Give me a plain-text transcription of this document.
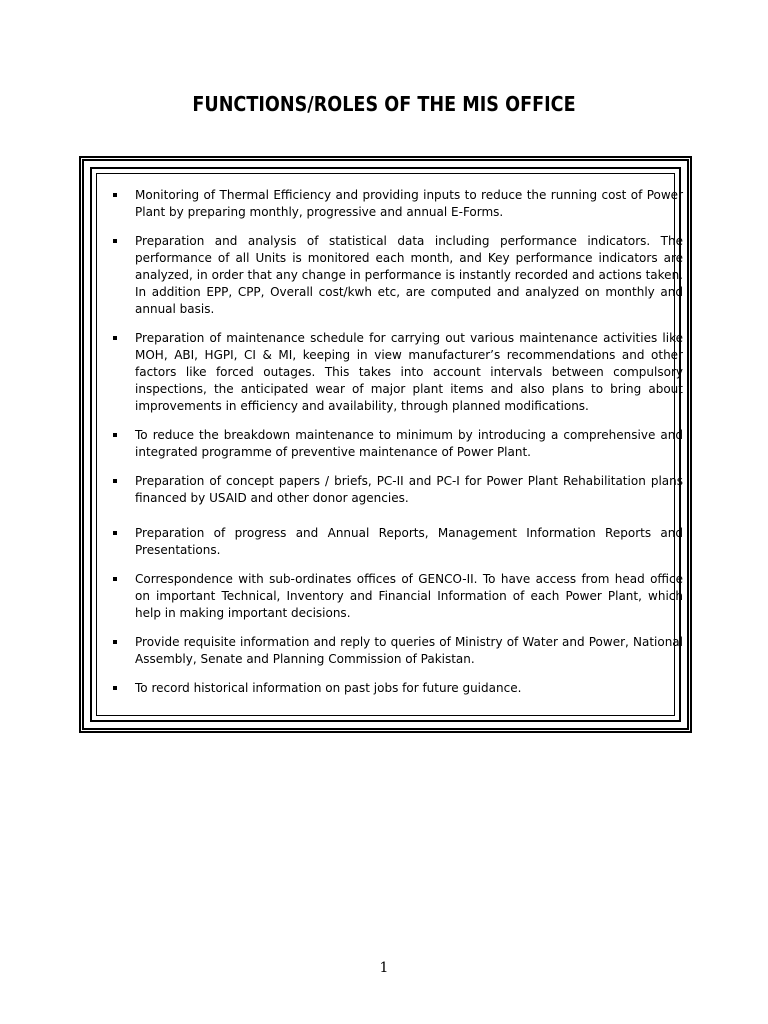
FUNCTIONS/ROLES OF THE MIS OFFICE
Monitoring of Thermal Efficiency and providing inputs to reduce the running cost of Power Plant by preparing monthly, progressive and annual E-Forms.
Preparation and analysis of statistical data including performance indicators. The performance of all Units is monitored each month, and Key performance indicators are analyzed, in order that any change in performance is instantly recorded and actions taken. In addition EPP, CPP, Overall cost/kwh etc, are computed and analyzed on monthly and annual basis.
Preparation of maintenance schedule for carrying out various maintenance activities like MOH, ABI, HGPI, CI & MI, keeping in view manufacturer’s recommendations and other factors like forced outages. This takes into account intervals between compulsory inspections, the anticipated wear of major plant items and also plans to bring about improvements in efficiency and availability, through planned modifications.
To reduce the breakdown maintenance to minimum by introducing a comprehensive and integrated programme of preventive maintenance of Power Plant.
Preparation of concept papers / briefs, PC-II and PC-I for Power Plant Rehabilitation plans financed by USAID and other donor agencies.
Preparation of progress and Annual Reports, Management Information Reports and Presentations.
Correspondence with sub-ordinates offices of GENCO-II. To have access from head office on important Technical, Inventory and Financial Information of each Power Plant, which help in making important decisions.
Provide requisite information and reply to queries of Ministry of Water and Power, National Assembly, Senate and Planning Commission of Pakistan.
To record historical information on past jobs for future guidance.
1
